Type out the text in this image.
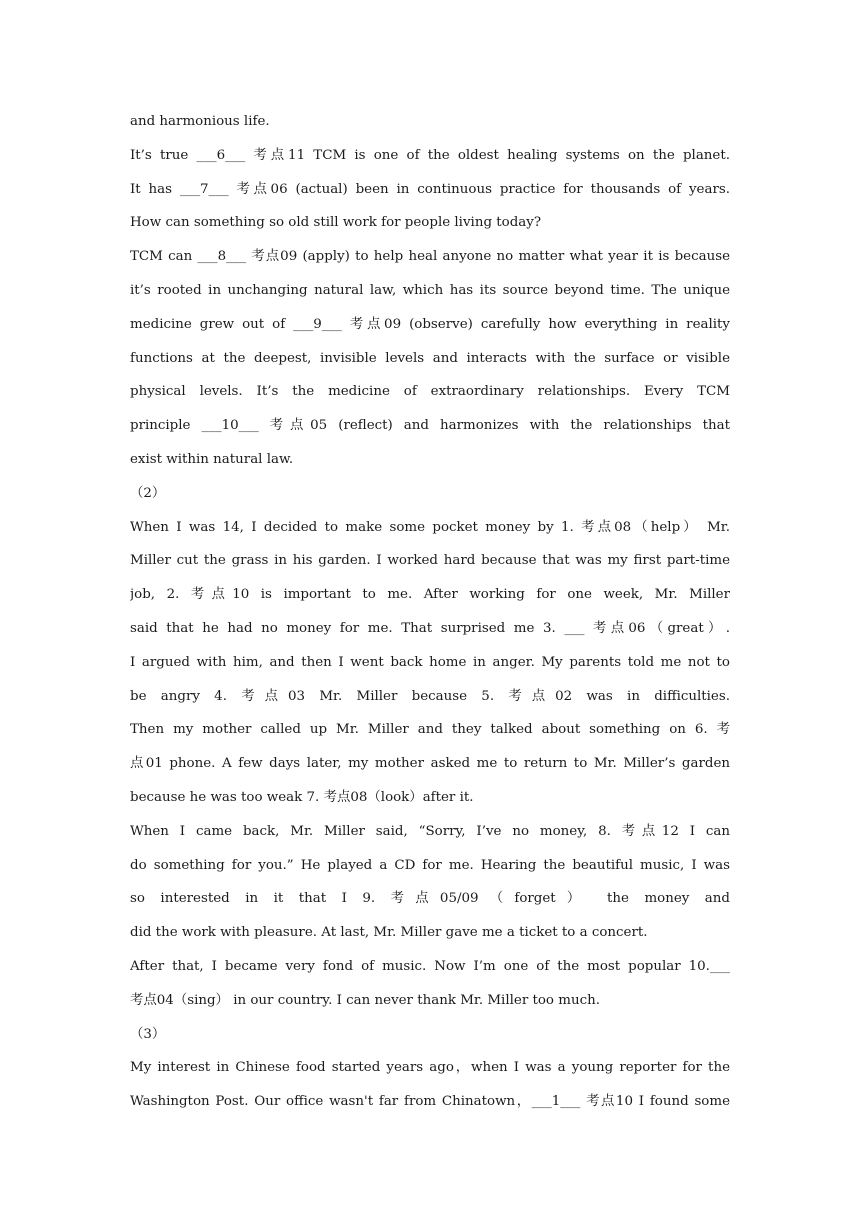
and harmonious life.
It’s true ___6___ 考点11 TCM is one of the oldest healing systems on the planet.
It has ___7___ 考点06 (actual) been in continuous practice for thousands of years.
How can something so old still work for people living today?
TCM can ___8___ 考点09 (apply) to help heal anyone no matter what year it is because
it’s rooted in unchanging natural law, which has its source beyond time. The unique
medicine grew out of ___9___ 考点09 (observe) carefully how everything in reality
functions at the deepest, invisible levels and interacts with the surface or visible
physical levels. It’s the medicine of extraordinary relationships. Every TCM
principle ___10___ 考点05 (reflect) and harmonizes with the relationships that
exist within natural law.
（2）
When I was 14, I decided to make some pocket money by 1. 考点08（help） Mr.
Miller cut the grass in his garden. I worked hard because that was my first part-time
job, 2. 考点10 is important to me. After working for one week, Mr. Miller
said that he had no money for me. That surprised me 3. ___ 考点06（great）.
I argued with him, and then I went back home in anger. My parents told me not to
be angry 4. 考点03 Mr. Miller because 5. 考点02 was in difficulties.
Then my mother called up Mr. Miller and they talked about something on 6. 考
点01 phone. A few days later, my mother asked me to return to Mr. Miller’s garden
because he was too weak 7. 考点08（look）after it.
When I came back, Mr. Miller said, “Sorry, I’ve no money, 8. 考点12 I can
do something for you.” He played a CD for me. Hearing the beautiful music, I was
so interested in it that I 9. 考点05/09（forget） the money and
did the work with pleasure. At last, Mr. Miller gave me a ticket to a concert.
After that, I became very fond of music. Now I’m one of the most popular 10.___
考点04（sing） in our country. I can never thank Mr. Miller too much.
（3）
My interest in Chinese food started years ago，when I was a young reporter for the
Washington Post. Our office wasn't far from Chinatown，___1___ 考点10 I found some
